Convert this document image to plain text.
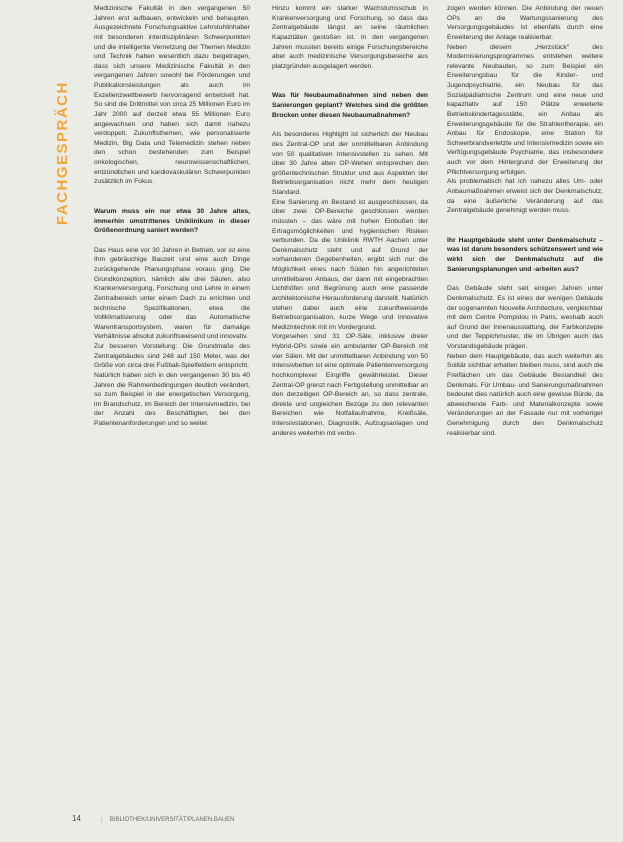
FACHGESPRÄCH

Medizinische Fakultät in den vergangenen 50 Jahren erst aufbauen, entwickeln und behaupten. Ausgezeichnete Forschungsaktive Lehrstuhlinhaber mit besonderen interdisziplinären Schwerpunkten und die intelligente Vernetzung der Themen Medizin und Technik haben wesentlich dazu beigetragen, dass sich unsere Medizinische Fakultät in den vergangenen Jahren sowohl bei Förderungen und Publikationsleistungen als auch im Exzellenzwettbewerb hervorragend entwickelt hat. So sind die Drittmittel von circa 25 Millionen Euro im Jahr 2000 auf derzeit etwa 55 Millionen Euro angewachsen und haben sich damit nahezu verdoppelt. Zukunftsthemen, wie personalisierte Medizin, Big Data und Telemedizin stehen neben den schon bestehenden zum Beispiel onkologischen, neurowissenschaftlichen, entzündlichen und kardiovaskulären Schwerpunkten zusätzlich im Fokus.

Warum muss ein nur etwa 30 Jahre altes, immerhin umstrittenes Uniklinikum in dieser Größenordnung saniert werden?

Das Haus eine vor 30 Jahren in Betrieb, vor ist eine Ihm gebräuchige Bauzeit und eine auch Dinge zurückgehende Planungsphase voraus ging. Die Grundkonzeption, nämlich alle drei Säulen, also Krankenversorgung, Forschung und Lehre in einem Zentralbereich unter einem Dach zu errichten und technische Spezifikationen, etwa die Vollklimatisierung oder das Automatische Warentransportsystem, waren für damalige Verhältnisse absolut zukunftsweisend und innovativ.

Zur besseren Vorstellung: Die Grundmaße des Zentralgebäudes sind 248 auf 150 Meter, was der Größe von circa drei Fußball-Spielfeldern entspricht.

Natürlich haben sich in den vergangenen 30 bis 40 Jahren die Rahmenbedingungen deutlich verändert, so zum Beispiel in der energetischen Versorgung, im Brandschutz, im Bereich der Intensivmedizin, bei der Anzahl des Beschäftigten, bei den Patientenanforderungen und so weiter.

Hinzu kommt ein starker Wachstumsschub in Krankenversorgung und Forschung, so dass das Zentralgebäude längst an seine räumlichen Kapazitäten gestoßen ist. In den vergangenen Jahren mussten bereits einige Forschungsbereiche aber auch medizinische Versorgungsbereiche aus platzgründen ausgelagert werden.

Was für Neubaumaßnahmen sind neben den Sanierungen geplant? Welches sind die größten Brocken unter diesen Neubaumaßnahmen?

Als besonderes Highlight ist sicherlich der Neubau des Zentral-OP und der unmittelbaren Anbindung von 50 qualitativen Intensivstellen zu sehen. Mit über 30 Jahre alten OP-Wehen entsprechen den größentechnischen Struktur und aus Aspekten der Betriebsorganisation nicht mehr dem heutigen Standard.

Eine Sanierung im Bestand ist ausgeschlossen, da über zwei OP-Bereiche geschlossen werden müssten – das wäre mit hohen Einbußen der Ertragsmöglichkeiten und hygienischen Risiken verbunden. Da die Uniklinik RWTH Aachen unter Denkmalschutz steht und auf Grund der vorhandenen Gegebenheiten, ergibt sich nur die Möglichkeit eines nach Süden hin angerichteten unmittelbaren Anbaus, der dann mit eingebrachten Lichthöfen und Begrünung auch eine passende architektonische Herausforderung darstellt. Natürlich stehen dabei auch eine zukunftweisende Betriebsorganisation, kurze Wege und innovative Medizintechnik mit im Vordergrund.

Vorgesehen sind 31 OP-Säle, inklusive dreier Hybrid-OPs sowie ein ambulanter OP-Bereich mit vier Sälen. Mit der unmittelbaren Anbindung von 50 Intensivbetten ist eine optimale Patientenversorgung hochkomplexer Eingriffe gewährleistet. Dieser Zentral-OP grenzt nach Fertigstellung unmittelbar an den derzeitigen OP-Bereich an, so dass zentrale, direkte und ungleichen Bezüge zu den relevanten Bereichen wie Notfallaufnahme, Kreißsäle, Intensivstationen, Diagnostik, Aufzugsanlagen und anderes weiterhin mit verbo-

zogen werden können. Die Anbindung der neuen OPs an die Wartungssanierung des Versorgungsgebäudes ist ebenfalls durch eine Erweiterung der Anlage realisierbar.

Neben diesem „Herzstück“ des Modernisierungsprogrammes entstehen weitere relevante Neubauten, so zum Beispiel ein Erweiterungsbau für die Kinder- und Jugendpsychiatrie, ein Neubau für das Sozialpädiatrische Zentrum und eine neue und kapazitativ auf 150 Plätze erweiterte Betriebskindertagesstätte, ein Anbau als Erweiterungsgebäude für die Strahlentherapie, ein Anbau für Endoskopie, eine Station für Schwerbrandverletzte und Intensivmedizin sowie ein Verfügungsgebäude Psychiatrie, das insbesondere auch vor dem Hintergrund der Erweiterung der Pflichtversorgung erfolgen.

Als problematisch hat ich nahezu alles Um- oder Anbaumaßnahmen erweist sich der Denkmalschutz, da eine äußerliche Veränderung auf das Zentralgebäude genehmigt werden muss.

Ihr Hauptgebäude steht unter Denkmalschutz – was ist darum besonders schützenswert und wie wirkt sich der Denkmalschutz auf die Sanierungsplanungen und -arbeiten aus?

Das Gebäude steht seit einigen Jahren unter Denkmalschutz. Es ist eines der wenigen Gebäude der sogenannten Nouvelle Architecture, vergleichbar mit dem Centre Pompidou in Paris, weshalb auch auf Grund der Innenausstattung, der Farbkonzepte und der Teppichmuster, die im Übrigen auch das Vorstandsgebäude prägen.

Neben dem Hauptgebäude, das auch weiterhin als Solitär sichtbar erhalten bleiben muss, sind auch die Freiflächen um das Gebäude Bestandteil des Denkmals. Für Umbau- und Sanierungsmaßnahmen bedeutet dies natürlich auch eine gewisse Bürde, da abweichende Farb- und Materialkonzepte sowie Veränderungen an der Fassade nur mit vorheriger Genehmigung durch den Denkmalschutz realisierbar sind.

14	| BIBLIOTHEK/UNIVERSITÄT/PLANEN.BAUEN
